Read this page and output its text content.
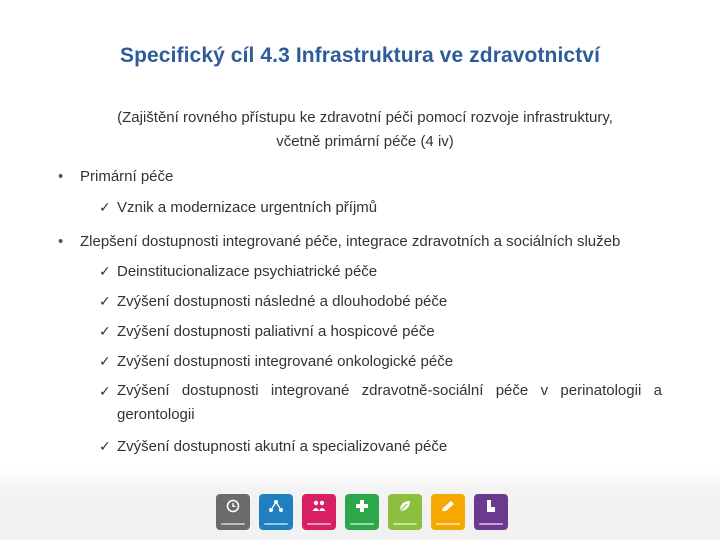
Specifický cíl 4.3 Infrastruktura ve zdravotnictví
(Zajištění rovného přístupu ke zdravotní péči pomocí rozvoje infrastruktury,
včetně primární péče (4 iv)
• Primární péče
✓ Vznik a modernizace urgentních příjmů
• Zlepšení dostupnosti integrované péče, integrace zdravotních a sociálních služeb
✓ Deinstitucionalizace psychiatrické péče
✓ Zvýšení dostupnosti následné a dlouhodobé péče
✓ Zvýšení dostupnosti paliativní a hospicové péče
✓ Zvýšení dostupnosti integrované onkologické péče
✓ Zvýšení dostupnosti integrované zdravotně-sociální péče v perinatologii a
gerontologii
✓ Zvýšení dostupnosti akutní a specializované péče
